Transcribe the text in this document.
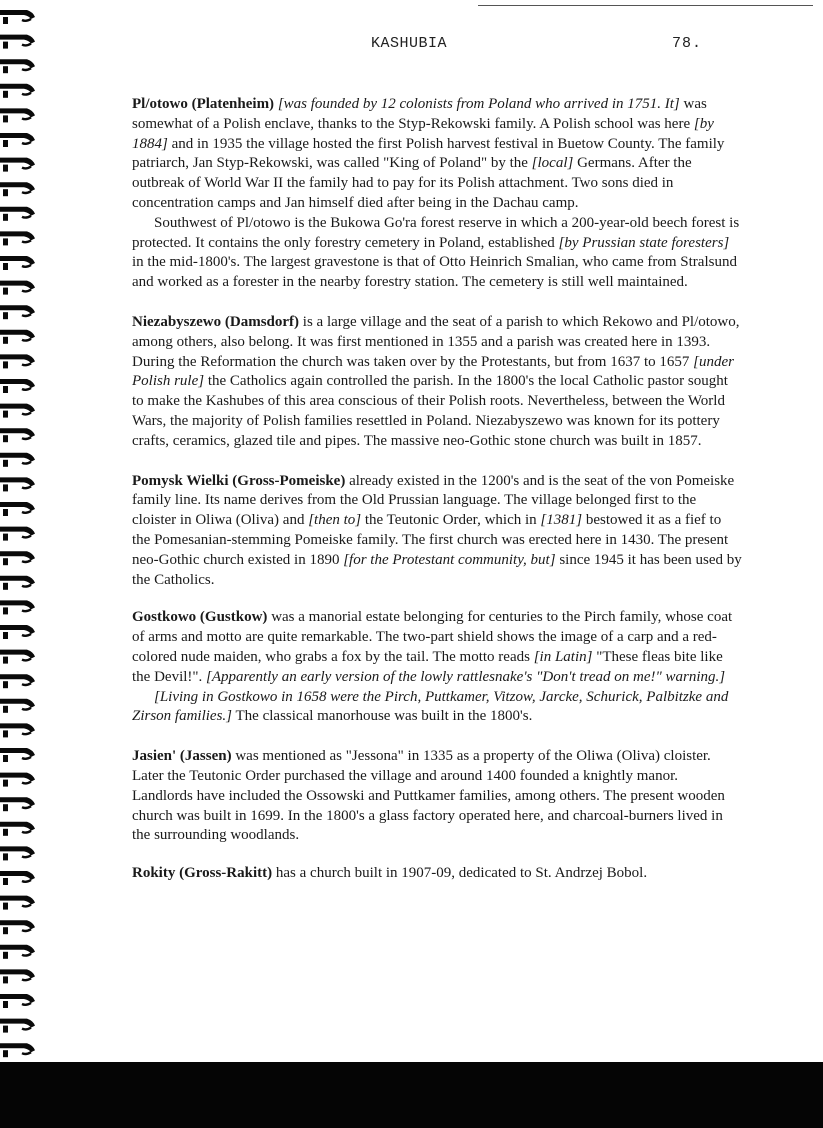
KASHUBIA	78.

Pl/otowo (Platenheim) [was founded by 12 colonists from Poland who arrived in 1751. It] was somewhat of a Polish enclave, thanks to the Styp-Rekowski family. A Polish school was here [by 1884] and in 1935 the village hosted the first Polish harvest festival in Buetow County. The family patriarch, Jan Styp-Rekowski, was called "King of Poland" by the [local] Germans. After the outbreak of World War II the family had to pay for its Polish attachment. Two sons died in concentration camps and Jan himself died after being in the Dachau camp.

Southwest of Pl/otowo is the Bukowa Go'ra forest reserve in which a 200-year-old beech forest is protected. It contains the only forestry cemetery in Poland, established [by Prussian state foresters] in the mid-1800's. The largest gravestone is that of Otto Heinrich Smalian, who came from Stralsund and worked as a forester in the nearby forestry station. The cemetery is still well maintained.

Niezabyszewo (Damsdorf) is a large village and the seat of a parish to which Rekowo and Pl/otowo, among others, also belong. It was first mentioned in 1355 and a parish was created here in 1393. During the Reformation the church was taken over by the Protestants, but from 1637 to 1657 [under Polish rule] the Catholics again controlled the parish. In the 1800's the local Catholic pastor sought to make the Kashubes of this area conscious of their Polish roots. Nevertheless, between the World Wars, the majority of Polish families resettled in Poland. Niezabyszewo was known for its pottery crafts, ceramics, glazed tile and pipes. The massive neo-Gothic stone church was built in 1857.

Pomysk Wielki (Gross-Pomeiske) already existed in the 1200's and is the seat of the von Pomeiske family line. Its name derives from the Old Prussian language. The village belonged first to the cloister in Oliwa (Oliva) and [then to] the Teutonic Order, which in [1381] bestowed it as a fief to the Pomesanian-stemming Pomeiske family. The first church was erected here in 1430. The present neo-Gothic church existed in 1890 [for the Protestant community, but] since 1945 it has been used by the Catholics.

Gostkowo (Gustkow) was a manorial estate belonging for centuries to the Pirch family, whose coat of arms and motto are quite remarkable. The two-part shield shows the image of a carp and a red-colored nude maiden, who grabs a fox by the tail. The motto reads [in Latin] "These fleas bite like the Devil!". [Apparently an early version of the lowly rattlesnake's "Don't tread on me!" warning.]

[Living in Gostkowo in 1658 were the Pirch, Puttkamer, Vitzow, Jarcke, Schurick, Palbitzke and Zirson families.] The classical manorhouse was built in the 1800's.

Jasien' (Jassen) was mentioned as "Jessona" in 1335 as a property of the Oliwa (Oliva) cloister. Later the Teutonic Order purchased the village and around 1400 founded a knightly manor. Landlords have included the Ossowski and Puttkamer families, among others. The present wooden church was built in 1699. In the 1800's a glass factory operated here, and charcoal-burners lived in the surrounding woodlands.

Rokity (Gross-Rakitt) has a church built in 1907-09, dedicated to St. Andrzej Bobol.
